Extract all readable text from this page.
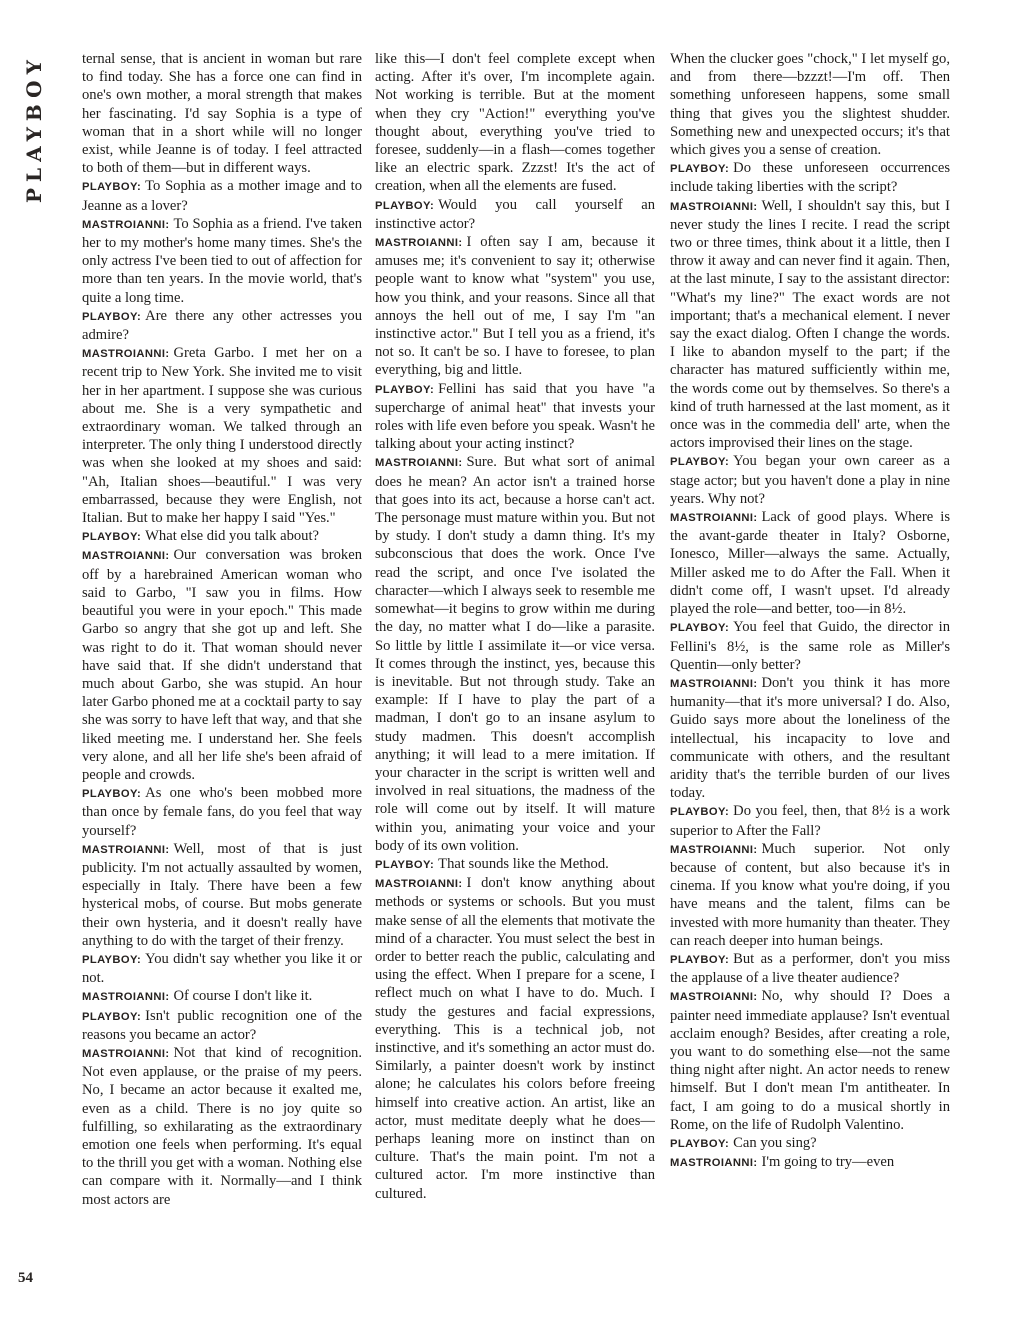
PLAYBOY
54

ternal sense, that is ancient in woman but rare to find today. She has a force one can find in one's own mother, a moral strength that makes her fascinating. I'd say Sophia is a type of woman that in a short while will no longer exist, while Jeanne is of today. I feel attracted to both of them—but in different ways.

PLAYBOY: To Sophia as a mother image and to Jeanne as a lover?

MASTROIANNI: To Sophia as a friend. I've taken her to my mother's home many times. She's the only actress I've been tied to out of affection for more than ten years. In the movie world, that's quite a long time.

PLAYBOY: Are there any other actresses you admire?

MASTROIANNI: Greta Garbo. I met her on a recent trip to New York. She invited me to visit her in her apartment. I suppose she was curious about me. She is a very sympathetic and extraordinary woman. We talked through an interpreter. The only thing I understood directly was when she looked at my shoes and said: "Ah, Italian shoes—beautiful." I was very embarrassed, because they were English, not Italian. But to make her happy I said "Yes."

PLAYBOY: What else did you talk about?

MASTROIANNI: Our conversation was broken off by a harebrained American woman who said to Garbo, "I saw you in films. How beautiful you were in your epoch." This made Garbo so angry that she got up and left. She was right to do it. That woman should never have said that. If she didn't understand that much about Garbo, she was stupid. An hour later Garbo phoned me at a cocktail party to say she was sorry to have left that way, and that she liked meeting me. I understand her. She feels very alone, and all her life she's been afraid of people and crowds.

PLAYBOY: As one who's been mobbed more than once by female fans, do you feel that way yourself?

MASTROIANNI: Well, most of that is just publicity. I'm not actually assaulted by women, especially in Italy. There have been a few hysterical mobs, of course. But mobs generate their own hysteria, and it doesn't really have anything to do with the target of their frenzy.

PLAYBOY: You didn't say whether you like it or not.

MASTROIANNI: Of course I don't like it.

PLAYBOY: Isn't public recognition one of the reasons you became an actor?

MASTROIANNI: Not that kind of recognition. Not even applause, or the praise of my peers. No, I became an actor because it exalted me, even as a child. There is no joy quite so fulfilling, so exhilarating as the extraordinary emotion one feels when performing. It's equal to the thrill you get with a woman. Nothing else can compare with it. Normally—and I think most actors are

like this—I don't feel complete except when acting. After it's over, I'm incomplete again. Not working is terrible. But at the moment when they cry "Action!" everything you've thought about, everything you've tried to foresee, suddenly—in a flash—comes together like an electric spark. Zzzst! It's the act of creation, when all the elements are fused.

PLAYBOY: Would you call yourself an instinctive actor?

MASTROIANNI: I often say I am, because it amuses me; it's convenient to say it; otherwise people want to know what "system" you use, how you think, and your reasons. Since all that annoys the hell out of me, I say I'm "an instinctive actor." But I tell you as a friend, it's not so. It can't be so. I have to foresee, to plan everything, big and little.

PLAYBOY: Fellini has said that you have "a supercharge of animal heat" that invests your roles with life even before you speak. Wasn't he talking about your acting instinct?

MASTROIANNI: Sure. But what sort of animal does he mean? An actor isn't a trained horse that goes into its act, because a horse can't act. The personage must mature within you. But not by study. I don't study a damn thing. It's my subconscious that does the work. Once I've read the script, and once I've isolated the character—which I always seek to resemble me somewhat—it begins to grow within me during the day, no matter what I do—like a parasite. So little by little I assimilate it—or vice versa. It comes through the instinct, yes, because this is inevitable. But not through study. Take an example: If I have to play the part of a madman, I don't go to an insane asylum to study madmen. This doesn't accomplish anything; it will lead to a mere imitation. If your character in the script is written well and involved in real situations, the madness of the role will come out by itself. It will mature within you, animating your voice and your body of its own volition.

PLAYBOY: That sounds like the Method.

MASTROIANNI: I don't know anything about methods or systems or schools. But you must make sense of all the elements that motivate the mind of a character. You must select the best in order to better reach the public, calculating and using the effect. When I prepare for a scene, I reflect much on what I have to do. Much. I study the gestures and facial expressions, everything. This is a technical job, not instinctive, and it's something an actor must do. Similarly, a painter doesn't work by instinct alone; he calculates his colors before freeing himself into creative action. An artist, like an actor, must meditate deeply what he does—perhaps leaning more on instinct than on culture. That's the main point. I'm not a cultured actor. I'm more instinctive than cultured.

When the clucker goes "chock," I let myself go, and from there—bzzzt!—I'm off. Then something unforeseen happens, some small thing that gives you the slightest shudder. Something new and unexpected occurs; it's that which gives you a sense of creation.

PLAYBOY: Do these unforeseen occurrences include taking liberties with the script?

MASTROIANNI: Well, I shouldn't say this, but I never study the lines I recite. I read the script two or three times, think about it a little, then I throw it away and can never find it again. Then, at the last minute, I say to the assistant director: "What's my line?" The exact words are not important; that's a mechanical element. I never say the exact dialog. Often I change the words. I like to abandon myself to the part; if the character has matured sufficiently within me, the words come out by themselves. So there's a kind of truth harnessed at the last moment, as it once was in the commedia dell' arte, when the actors improvised their lines on the stage.

PLAYBOY: You began your own career as a stage actor; but you haven't done a play in nine years. Why not?

MASTROIANNI: Lack of good plays. Where is the avant-garde theater in Italy? Osborne, Ionesco, Miller—always the same. Actually, Miller asked me to do After the Fall. When it didn't come off, I wasn't upset. I'd already played the role—and better, too—in 8½.

PLAYBOY: You feel that Guido, the director in Fellini's 8½, is the same role as Miller's Quentin—only better?

MASTROIANNI: Don't you think it has more humanity—that it's more universal? I do. Also, Guido says more about the loneliness of the intellectual, his incapacity to love and communicate with others, and the resultant aridity that's the terrible burden of our lives today.

PLAYBOY: Do you feel, then, that 8½ is a work superior to After the Fall?

MASTROIANNI: Much superior. Not only because of content, but also because it's in cinema. If you know what you're doing, if you have means and the talent, films can be invested with more humanity than theater. They can reach deeper into human beings.

PLAYBOY: But as a performer, don't you miss the applause of a live theater audience?

MASTROIANNI: No, why should I? Does a painter need immediate applause? Isn't eventual acclaim enough? Besides, after creating a role, you want to do something else—not the same thing night after night. An actor needs to renew himself. But I don't mean I'm antitheater. In fact, I am going to do a musical shortly in Rome, on the life of Rudolph Valentino.

PLAYBOY: Can you sing?

MASTROIANNI: I'm going to try—even
